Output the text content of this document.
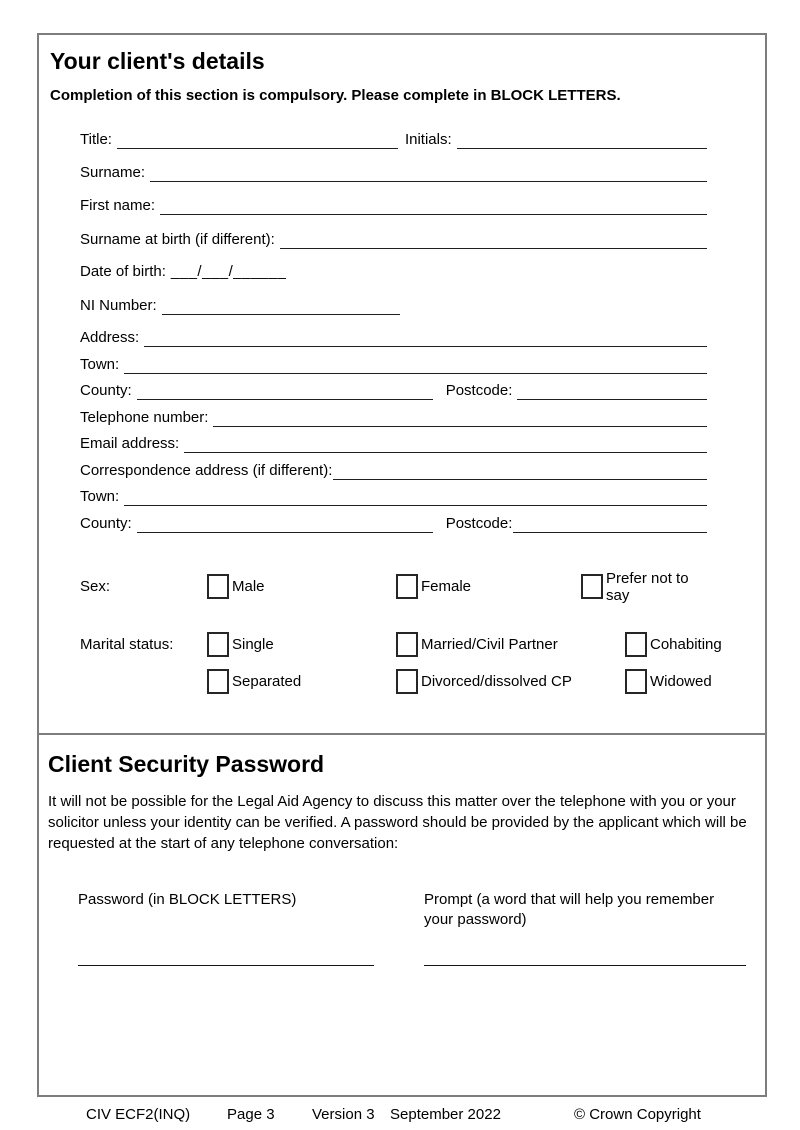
Your client's details
Completion of this section is compulsory. Please complete in BLOCK LETTERS.
Title:	Initials:
Surname:
First name:
Surname at birth (if different):
Date of birth: ___/___/______
NI Number:
Address:
Town:
County:	Postcode:
Telephone number:
Email address:
Correspondence address (if different):
Town:
County:	Postcode:
Sex:	Male	Female	Prefer not to say
Marital status:	Single	Married/Civil Partner	Cohabiting
Separated	Divorced/dissolved CP	Widowed
Client Security Password
It will not be possible for the Legal Aid Agency to discuss this matter over the telephone with you or your solicitor unless your identity can be verified. A password should be provided by the applicant which will be requested at the start of any telephone conversation:
Password (in BLOCK LETTERS)	Prompt (a word that will help you remember your password)
CIV ECF2(INQ) Page 3 Version 3 September 2022	© Crown Copyright
